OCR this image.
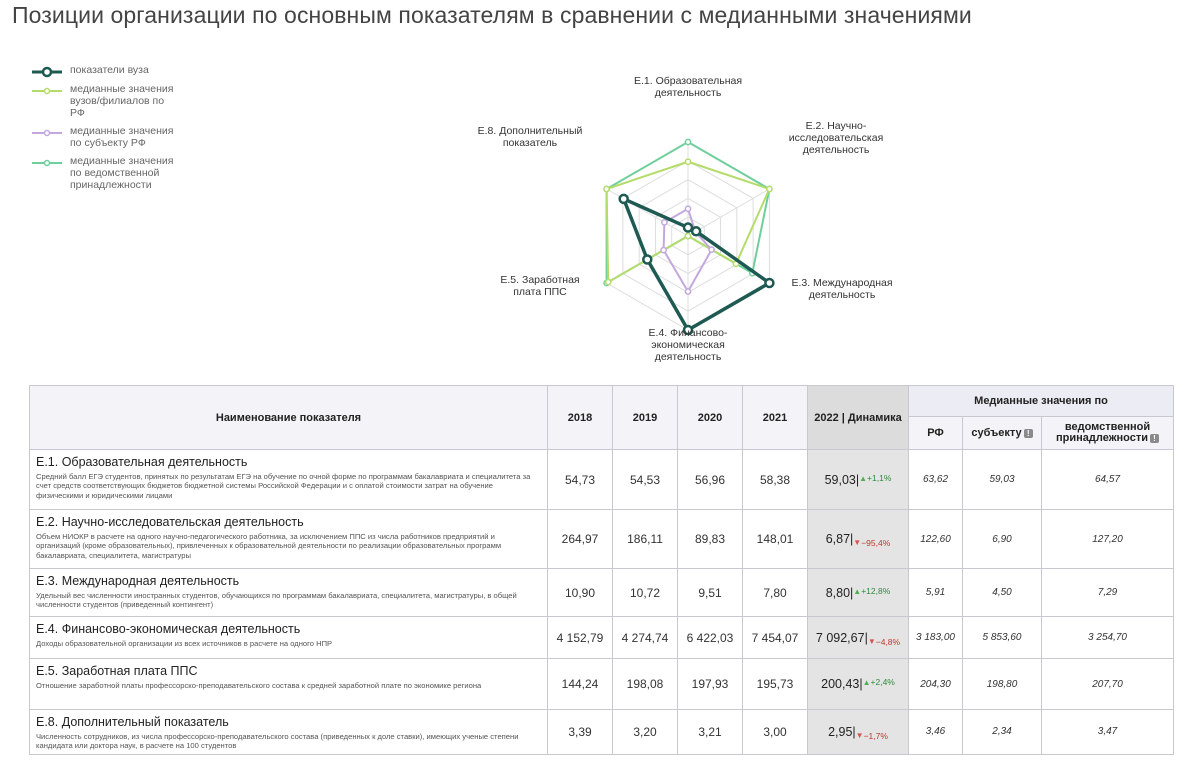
Позиции организации по основным показателям в сравнении с медианными значениями
показатели вуза
медианные значения
вузов/филиалов по
РФ
медианные значения
по субъекту РФ
медианные значения
по ведомственной
принадлежности
Е.1. Образовательная деятельность
Е.2. Научно-исследовательская деятельность
Е.3. Международная деятельность
Е.4. Финансово-экономическая деятельность
Е.5. Заработная плата ППС
Е.8. Дополнительный показатель
Наименование показателя	2018	2019	2020	2021	2022 | Динамика	Медианные значения по		
						РФ	субъекту !	ведомственной принадлежности !

Е.1. Образовательная деятельность
Средний балл ЕГЭ студентов, принятых по результатам ЕГЭ на обучение по очной форме по программам бакалавриата и специалитета за счет средств соответствующих бюджетов бюджетной системы Российской Федерации и с оплатой стоимости затрат на обучение физическими и юридическими лицами	54,73	54,53	56,96	58,38	$59,03|^{▲+1,1\%}$	63,62	59,03	64,57

Е.2. Научно-исследовательская деятельность
Объем НИОКР в расчете на одного научно-педагогического работника, за исключением ППС из числа работников предприятий и организаций (кроме образовательных), привлеченных к образовательной деятельности по реализации образовательных программ бакалавриата, специалитета, магистратуры	264,97	186,11	89,83	148,01	$6,87|▼_{-95,4\%}$	122,60	6,90	127,20

Е.3. Международная деятельность
Удельный вес численности иностранных студентов, обучающихся по программам бакалавриата, специалитета, магистратуры, в общей численности студентов (приведенный контингент)	10,90	10,72	9,51	7,80	$8,80|^{▲+12,8\%}$	5,91	4,50	7,29

Е.4. Финансово-экономическая деятельность
Доходы образовательной организации из всех источников в расчете на одного НПР	4 152,79	4 274,74	6 422,03	7 454,07	7 $092,67|▼_{-4,8\%}$	3 183,00	5 853,60	3 254,70

Е.5. Заработная плата ППС
Отношение заработной платы профессорско-преподавательского состава к средней заработной плате по экономике региона	144,24	198,08	197,93	195,73	$200,43|^{▲+2,4\%}$	204,30	198,80	207,70

Е.8. Дополнительный показатель
Численность сотрудников, из числа профессорско-преподавательского состава (приведенных к доле ставки), имеющих ученые степени кандидата или доктора наук, в расчете на 100 студентов	3,39	3,20	3,21	3,00	$2,95|▼_{-1,7\%}$	3,46	2,34	3,47
